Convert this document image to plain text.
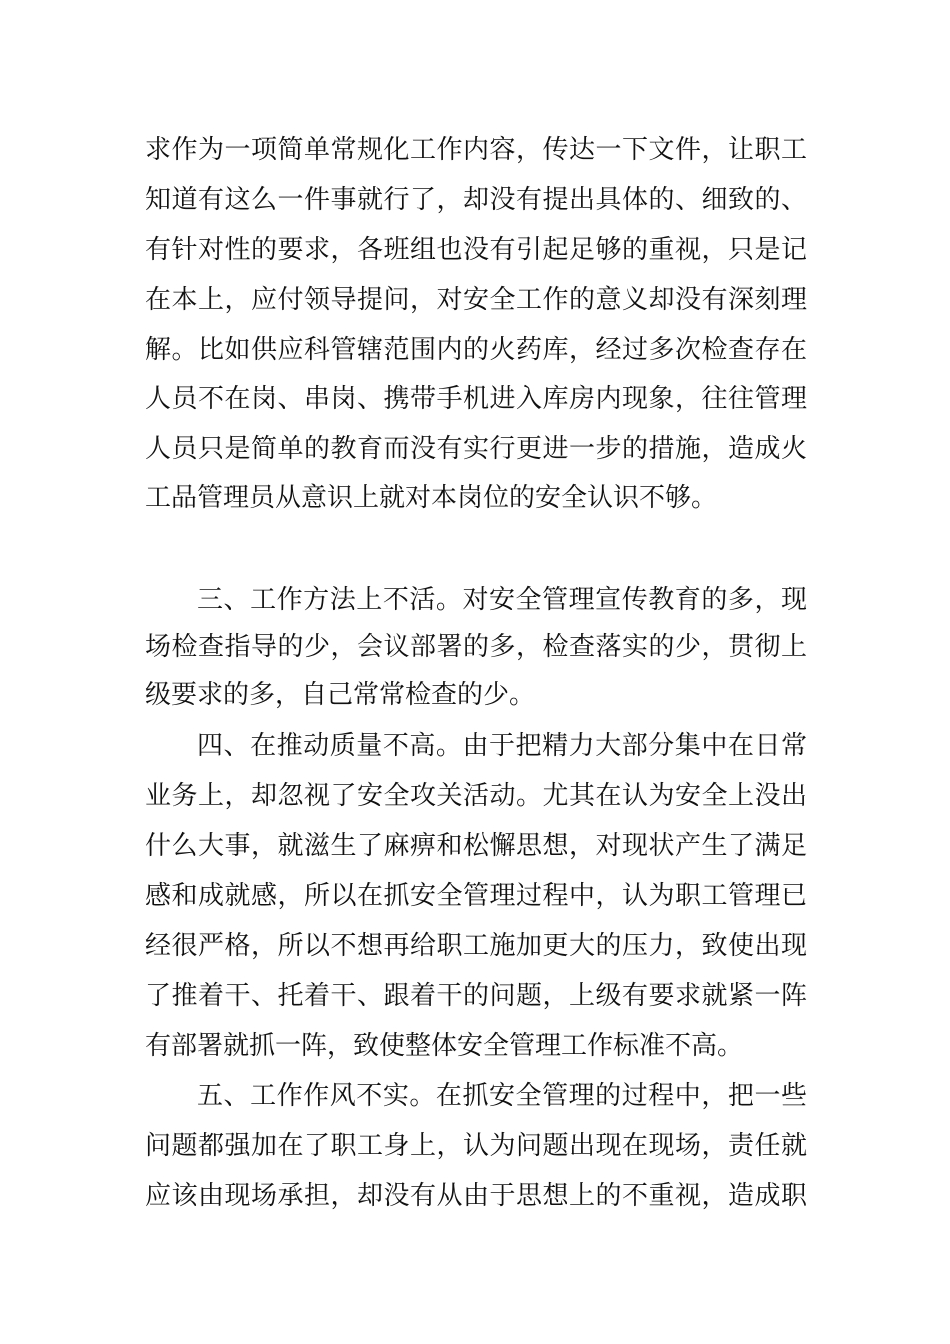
求作为一项简单常规化工作内容，传达一下文件，让职工
知道有这么一件事就行了，却没有提出具体的、细致的、
有针对性的要求，各班组也没有引起足够的重视，只是记
在本上，应付领导提问，对安全工作的意义却没有深刻理
解。比如供应科管辖范围内的火药库，经过多次检查存在
人员不在岗、串岗、携带手机进入库房内现象，往往管理
人员只是简单的教育而没有实行更进一步的措施，造成火
工品管理员从意识上就对本岗位的安全认识不够。
三、工作方法上不活。对安全管理宣传教育的多，现
场检查指导的少，会议部署的多，检查落实的少，贯彻上
级要求的多，自己常常检查的少。
四、在推动质量不高。由于把精力大部分集中在日常
业务上，却忽视了安全攻关活动。尤其在认为安全上没出
什么大事，就滋生了麻痹和松懈思想，对现状产生了满足
感和成就感，所以在抓安全管理过程中，认为职工管理已
经很严格，所以不想再给职工施加更大的压力，致使出现
了推着干、托着干、跟着干的问题，上级有要求就紧一阵
有部署就抓一阵，致使整体安全管理工作标准不高。
五、工作作风不实。在抓安全管理的过程中，把一些
问题都强加在了职工身上，认为问题出现在现场，责任就
应该由现场承担，却没有从由于思想上的不重视，造成职
